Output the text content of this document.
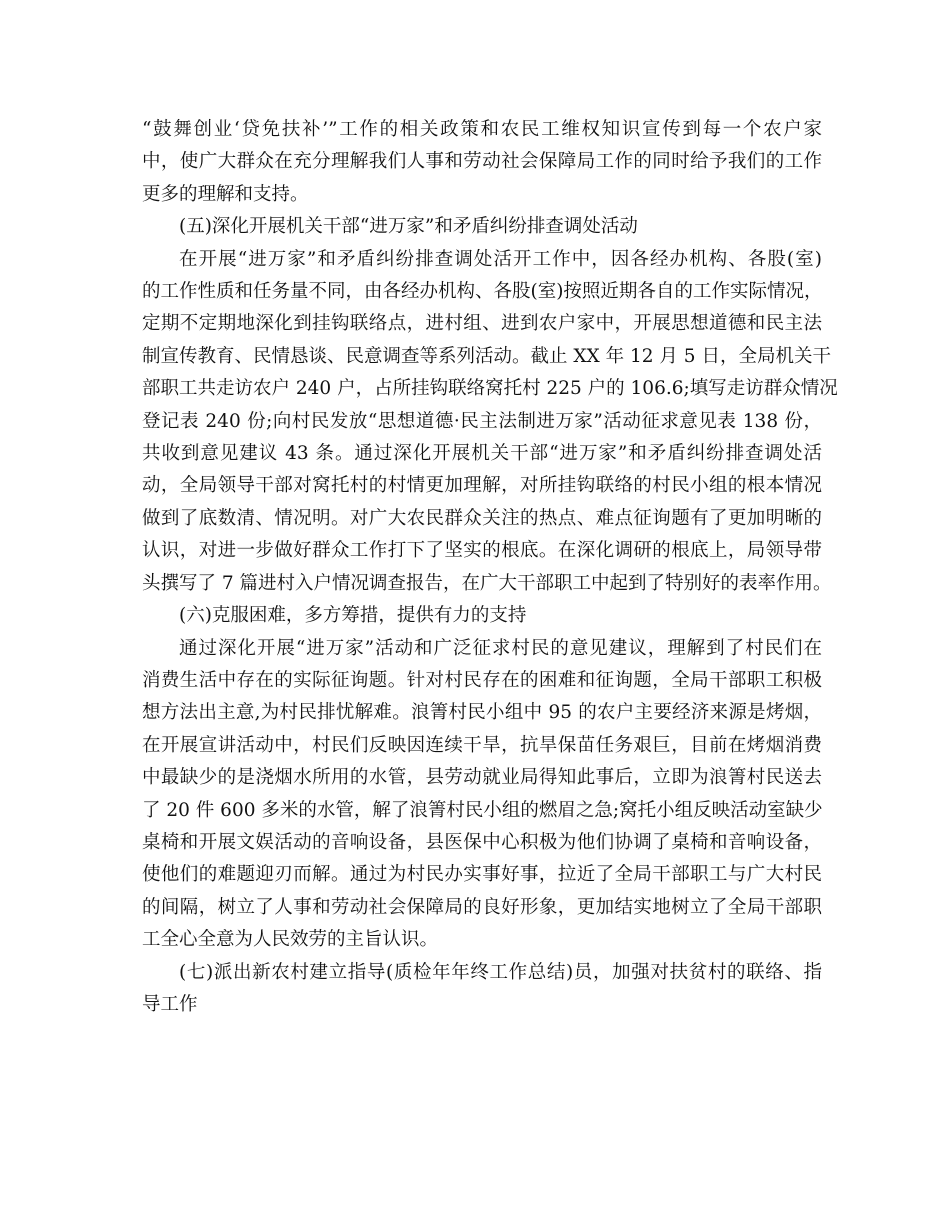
“鼓舞创业‘贷免扶补’”工作的相关政策和农民工维权知识宣传到每一个农户家
中，使广大群众在充分理解我们人事和劳动社会保障局工作的同时给予我们的工作
更多的理解和支持。
(五)深化开展机关干部“进万家”和矛盾纠纷排查调处活动
在开展“进万家”和矛盾纠纷排查调处活开工作中，因各经办机构、各股(室)
的工作性质和任务量不同，由各经办机构、各股(室)按照近期各自的工作实际情况，
定期不定期地深化到挂钩联络点，进村组、进到农户家中，开展思想道德和民主法
制宣传教育、民情恳谈、民意调查等系列活动。截止 XX 年 12 月 5 日，全局机关干
部职工共走访农户 240 户，占所挂钩联络窝托村 225 户的 106.6;填写走访群众情况
登记表 240 份;向村民发放“思想道德·民主法制进万家”活动征求意见表 138 份，
共收到意见建议 43 条。通过深化开展机关干部“进万家”和矛盾纠纷排查调处活
动，全局领导干部对窝托村的村情更加理解，对所挂钩联络的村民小组的根本情况
做到了底数清、情况明。对广大农民群众关注的热点、难点征询题有了更加明晰的
认识，对进一步做好群众工作打下了坚实的根底。在深化调研的根底上，局领导带
头撰写了 7 篇进村入户情况调查报告，在广大干部职工中起到了特别好的表率作用。
(六)克服困难，多方筹措，提供有力的支持
通过深化开展“进万家”活动和广泛征求村民的意见建议，理解到了村民们在
消费生活中存在的实际征询题。针对村民存在的困难和征询题，全局干部职工积极
想方法出主意,为村民排忧解难。浪箐村民小组中 95 的农户主要经济来源是烤烟，
在开展宣讲活动中，村民们反映因连续干旱，抗旱保苗任务艰巨，目前在烤烟消费
中最缺少的是浇烟水所用的水管，县劳动就业局得知此事后，立即为浪箐村民送去
了 20 件 600 多米的水管，解了浪箐村民小组的燃眉之急;窝托小组反映活动室缺少
桌椅和开展文娱活动的音响设备，县医保中心积极为他们协调了桌椅和音响设备，
使他们的难题迎刃而解。通过为村民办实事好事，拉近了全局干部职工与广大村民
的间隔，树立了人事和劳动社会保障局的良好形象，更加结实地树立了全局干部职
工全心全意为人民效劳的主旨认识。
(七)派出新农村建立指导(质检年年终工作总结)员，加强对扶贫村的联络、指
导工作
